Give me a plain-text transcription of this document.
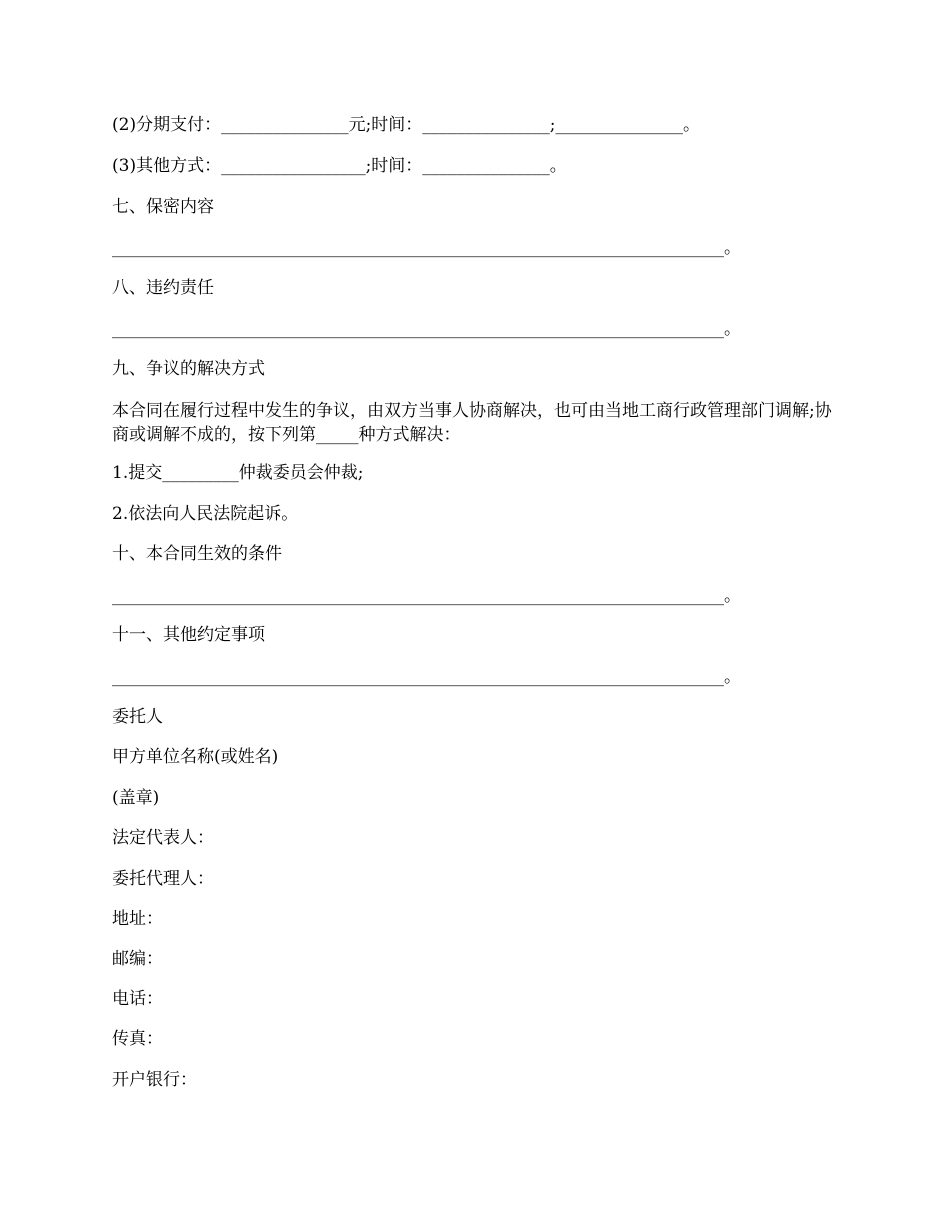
(2)分期支付：_______________元;时间：_______________;_______________。
(3)其他方式：_________________;时间：_______________。
七、保密内容
________________________________________________________________________。
八、违约责任
________________________________________________________________________。
九、争议的解决方式
本合同在履行过程中发生的争议，由双方当事人协商解决，也可由当地工商行政管理部门调解;协商或调解不成的，按下列第_____种方式解决：
1.提交_________仲裁委员会仲裁;
2.依法向人民法院起诉。
十、本合同生效的条件
________________________________________________________________________。
十一、其他约定事项
________________________________________________________________________。
委托人
甲方单位名称(或姓名)
(盖章)
法定代表人：
委托代理人：
地址：
邮编：
电话：
传真：
开户银行：
